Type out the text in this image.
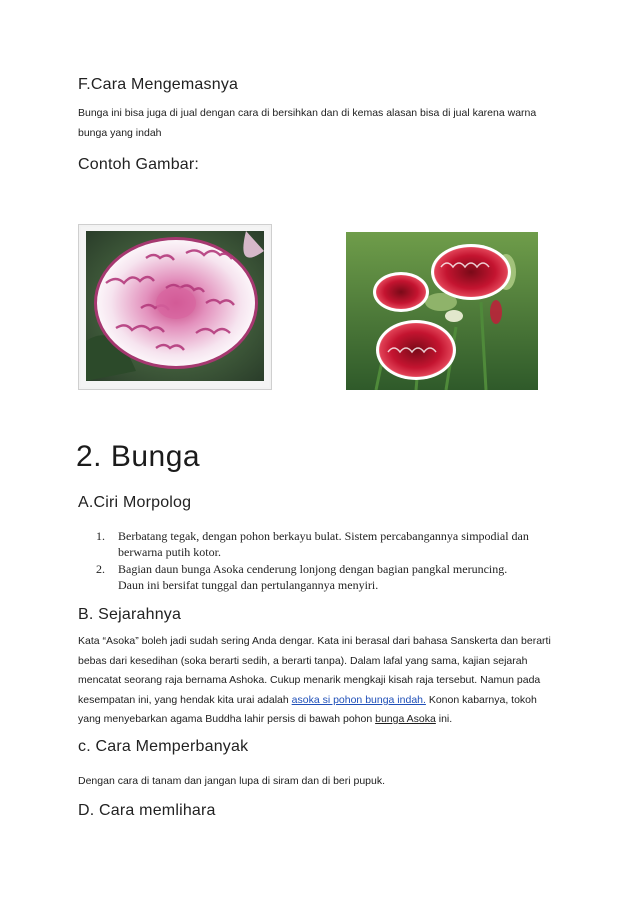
F.Cara Mengemasnya
Bunga ini bisa juga di jual dengan cara di bersihkan dan di kemas alasan bisa di jual karena warna
bunga yang indah
Contoh Gambar:
2. Bunga
A.Ciri Morpolog
1. Berbatang tegak, dengan pohon berkayu bulat. Sistem percabangannya simpodial dan
berwarna putih kotor.
2. Bagian daun bunga Asoka cenderung lonjong dengan bagian pangkal meruncing.
Daun ini bersifat tunggal dan pertulangannya menyiri.
B. Sejarahnya
Kata “Asoka” boleh jadi sudah sering Anda dengar. Kata ini berasal dari bahasa Sanskerta dan berarti
bebas dari kesedihan (soka berarti sedih, a berarti tanpa). Dalam lafal yang sama, kajian sejarah
mencatat seorang raja bernama Ashoka. Cukup menarik mengkaji kisah raja tersebut. Namun pada
kesempatan ini, yang hendak kita urai adalah asoka si pohon bunga indah. Konon kabarnya, tokoh
yang menyebarkan agama Buddha lahir persis di bawah pohon bunga Asoka ini.
c. Cara Memperbanyak
Dengan cara di tanam dan jangan lupa di siram dan di beri pupuk.
D. Cara memlihara
